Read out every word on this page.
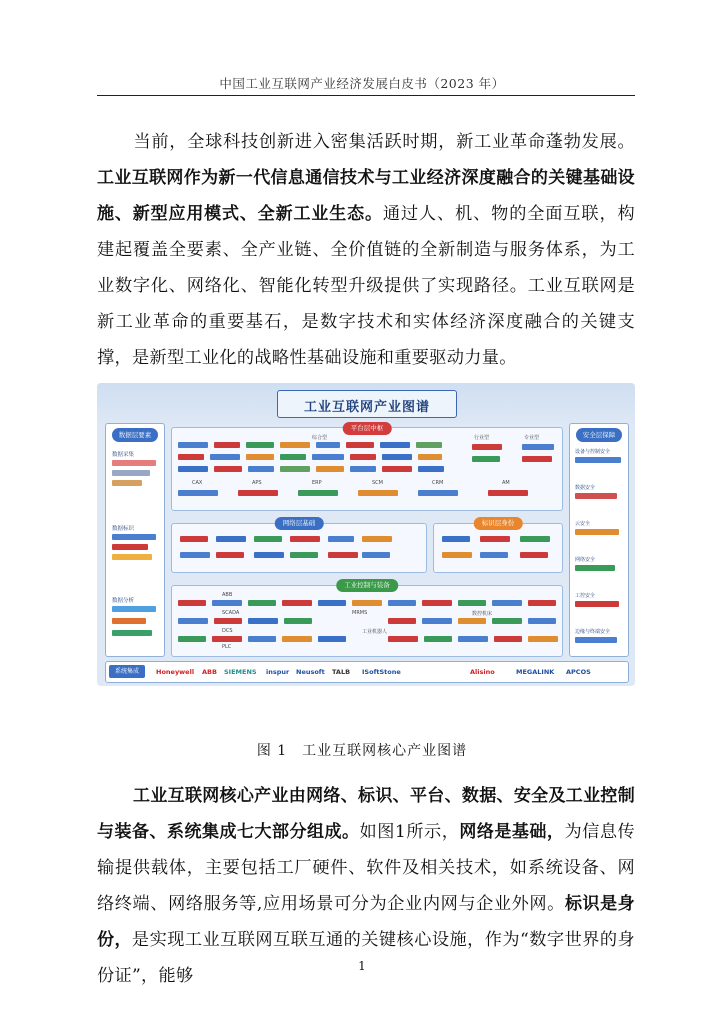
中国工业互联网产业经济发展白皮书（2023 年）
当前，全球科技创新进入密集活跃时期，新工业革命蓬勃发展。工业互联网作为新一代信息通信技术与工业经济深度融合的关键基础设施、新型应用模式、全新工业生态。通过人、机、物的全面互联，构建起覆盖全要素、全产业链、全价值链的全新制造与服务体系，为工业数字化、网络化、智能化转型升级提供了实现路径。工业互联网是新工业革命的重要基石，是数字技术和实体经济深度融合的关键支撑，是新型工业化的战略性基础设施和重要驱动力量。
工业互联网产业图谱
数据层要素
数据采集
数据标识
数据分析
安全层保障
设备与控制安全
数据安全
云安全
网络安全
工控安全
边缘与终端安全
平台层中枢
综合型	行业型	专业型
CAX	APS	ERP	SCM	CRM	AM
网络层基础	标识层身份
工业控制与装备
ABB
SCADA
DCS
PLC
MRMS
工业机器人
数控机床
系统集成	Honeywell ABB SIEMENS inspur Neusoft TALB ISoftStone	Alisino	MEGALINK APCOS
图 1　工业互联网核心产业图谱
工业互联网核心产业由网络、标识、平台、数据、安全及工业控制与装备、系统集成七大部分组成。如图1所示，网络是基础，为信息传输提供载体，主要包括工厂硬件、软件及相关技术，如系统设备、网络终端、网络服务等,应用场景可分为企业内网与企业外网。标识是身份，是实现工业互联网互联互通的关键核心设施，作为“数字世界的身份证”，能够	1
